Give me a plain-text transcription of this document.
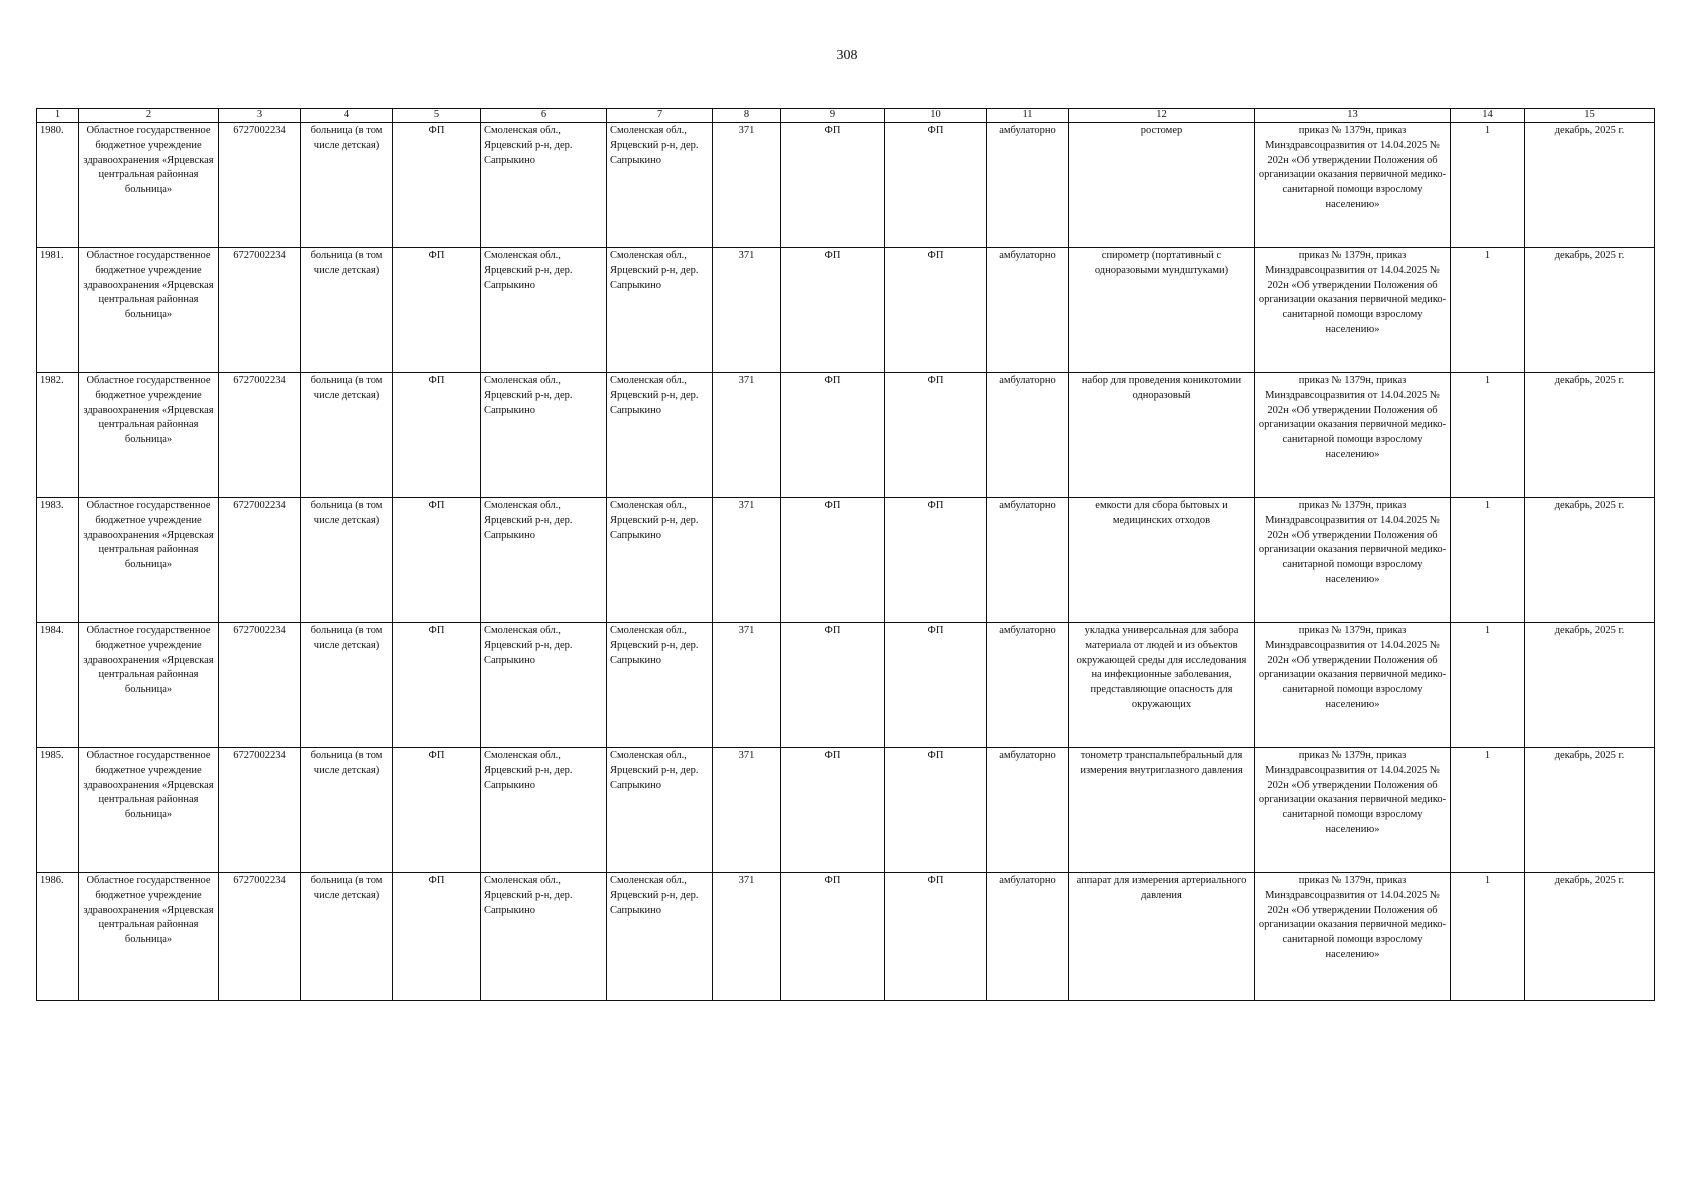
308
1	2	3	4	5	6	7	8	9	10	11	12	13	14	15
1980.	Областное государственное бюджетное учреждение здравоохранения «Ярцевская центральная районная больница»	6727002234	больница (в том числе детская)	ФП	Смоленская обл., Ярцевский р-н, дер. Сапрыкино	Смоленская обл., Ярцевский р-н, дер. Сапрыкино	371	ФП	ФП	амбулаторно	ростомер	приказ № 1379н, приказ Минздравсоцразвития от 14.04.2025 № 202н «Об утверждении Положения об организации оказания первичной медико-санитарной помощи взрослому населению»	1	декабрь, 2025 г.
1981.	Областное государственное бюджетное учреждение здравоохранения «Ярцевская центральная районная больница»	6727002234	больница (в том числе детская)	ФП	Смоленская обл., Ярцевский р-н, дер. Сапрыкино	Смоленская обл., Ярцевский р-н, дер. Сапрыкино	371	ФП	ФП	амбулаторно	спирометр (портативный с одноразовыми мундштуками)	приказ № 1379н, приказ Минздравсоцразвития от 14.04.2025 № 202н «Об утверждении Положения об организации оказания первичной медико-санитарной помощи взрослому населению»	1	декабрь, 2025 г.
1982.	Областное государственное бюджетное учреждение здравоохранения «Ярцевская центральная районная больница»	6727002234	больница (в том числе детская)	ФП	Смоленская обл., Ярцевский р-н, дер. Сапрыкино	Смоленская обл., Ярцевский р-н, дер. Сапрыкино	371	ФП	ФП	амбулаторно	набор для проведения коникотомии одноразовый	приказ № 1379н, приказ Минздравсоцразвития от 14.04.2025 № 202н «Об утверждении Положения об организации оказания первичной медико-санитарной помощи взрослому населению»	1	декабрь, 2025 г.
1983.	Областное государственное бюджетное учреждение здравоохранения «Ярцевская центральная районная больница»	6727002234	больница (в том числе детская)	ФП	Смоленская обл., Ярцевский р-н, дер. Сапрыкино	Смоленская обл., Ярцевский р-н, дер. Сапрыкино	371	ФП	ФП	амбулаторно	емкости для сбора бытовых и медицинских отходов	приказ № 1379н, приказ Минздравсоцразвития от 14.04.2025 № 202н «Об утверждении Положения об организации оказания первичной медико-санитарной помощи взрослому населению»	1	декабрь, 2025 г.
1984.	Областное государственное бюджетное учреждение здравоохранения «Ярцевская центральная районная больница»	6727002234	больница (в том числе детская)	ФП	Смоленская обл., Ярцевский р-н, дер. Сапрыкино	Смоленская обл., Ярцевский р-н, дер. Сапрыкино	371	ФП	ФП	амбулаторно	укладка универсальная для забора материала от людей и из объектов окружающей среды для исследования на инфекционные заболевания, представляющие опасность для окружающих	приказ № 1379н, приказ Минздравсоцразвития от 14.04.2025 № 202н «Об утверждении Положения об организации оказания первичной медико-санитарной помощи взрослому населению»	1	декабрь, 2025 г.
1985.	Областное государственное бюджетное учреждение здравоохранения «Ярцевская центральная районная больница»	6727002234	больница (в том числе детская)	ФП	Смоленская обл., Ярцевский р-н, дер. Сапрыкино	Смоленская обл., Ярцевский р-н, дер. Сапрыкино	371	ФП	ФП	амбулаторно	тонометр транспальпебральный для измерения внутриглазного давления	приказ № 1379н, приказ Минздравсоцразвития от 14.04.2025 № 202н «Об утверждении Положения об организации оказания первичной медико-санитарной помощи взрослому населению»	1	декабрь, 2025 г.
1986.	Областное государственное бюджетное учреждение здравоохранения «Ярцевская центральная районная больница»	6727002234	больница (в том числе детская)	ФП	Смоленская обл., Ярцевский р-н, дер. Сапрыкино	Смоленская обл., Ярцевский р-н, дер. Сапрыкино	371	ФП	ФП	амбулаторно	аппарат для измерения артериального давления	приказ № 1379н, приказ Минздравсоцразвития от 14.04.2025 № 202н «Об утверждении Положения об организации оказания первичной медико-санитарной помощи взрослому населению»	1	декабрь, 2025 г.
